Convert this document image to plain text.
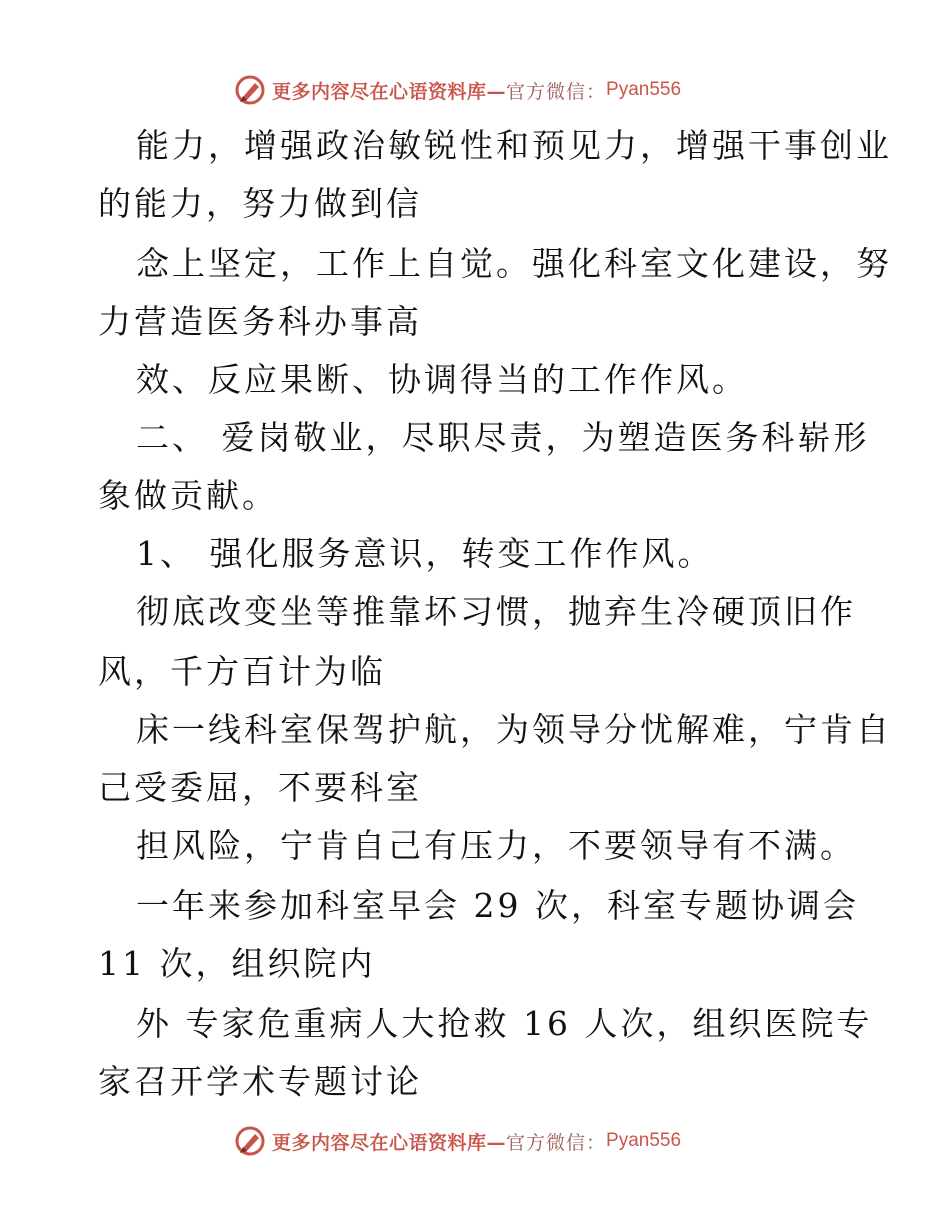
更多内容尽在心语资料库— 官方微信： Pyan556
能力，增强政治敏锐性和预见力，增强干事创业
的能力，努力做到信
念上坚定，工作上自觉。强化科室文化建设，努
力营造医务科办事高
效、反应果断、协调得当的工作作风。
二、 爱岗敬业，尽职尽责，为塑造医务科崭形
象做贡献。
1、 强化服务意识，转变工作作风。
彻底改变坐等推靠坏习惯，抛弃生冷硬顶旧作
风，千方百计为临
床一线科室保驾护航，为领导分忧解难，宁肯自
己受委屈，不要科室
担风险，宁肯自己有压力，不要领导有不满。
一年来参加科室早会 29 次，科室专题协调会
11 次，组织院内
外 专家危重病人大抢救 16 人次，组织医院专
家召开学术专题讨论
更多内容尽在心语资料库— 官方微信： Pyan556
